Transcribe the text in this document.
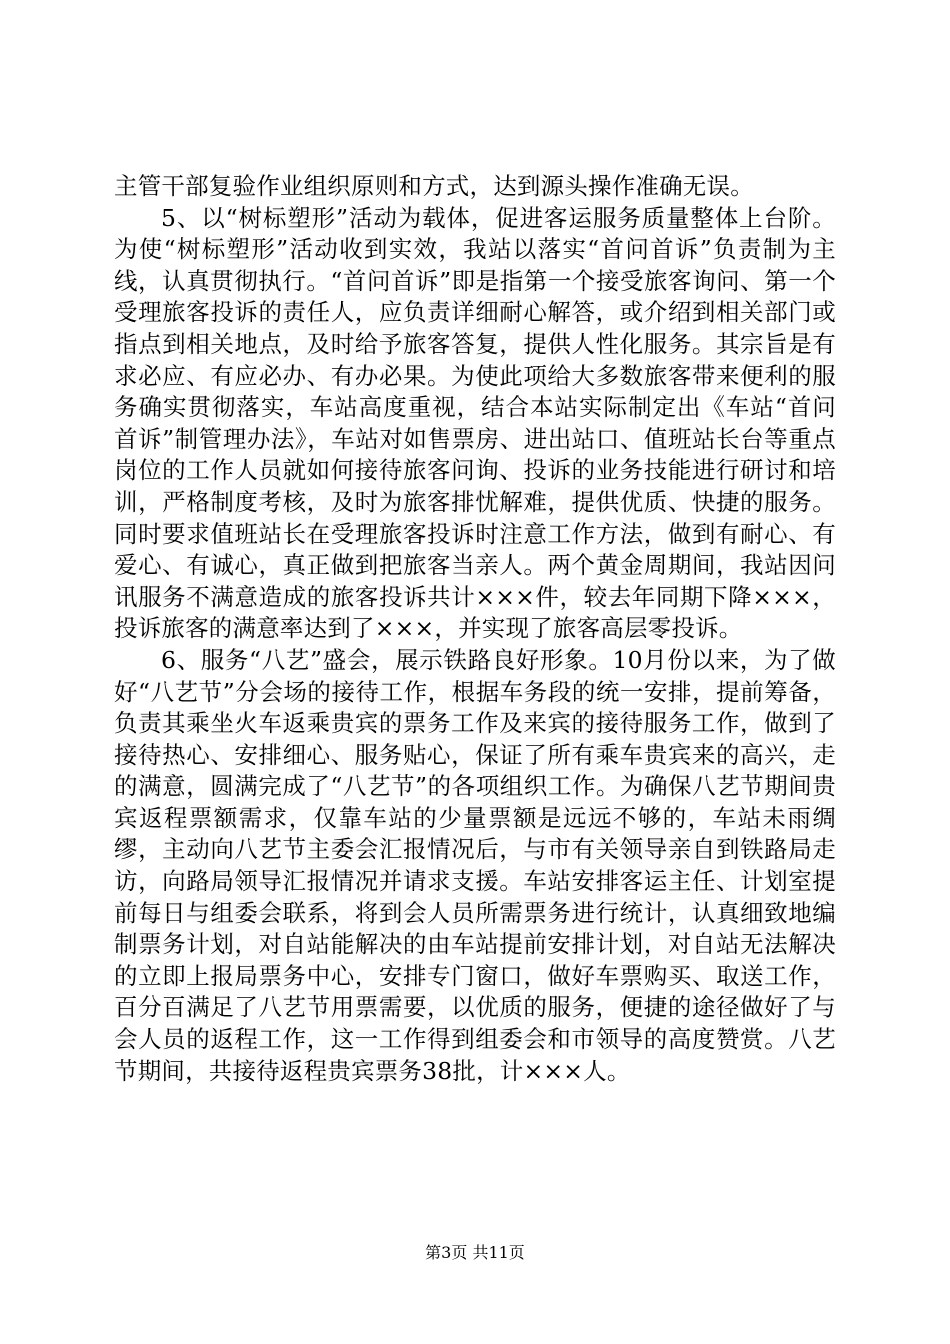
主管干部复验作业组织原则和方式，达到源头操作准确无误。

5、以“树标塑形”活动为载体，促进客运服务质量整体上台阶。为使“树标塑形”活动收到实效，我站以落实“首问首诉”负责制为主线，认真贯彻执行。“首问首诉”即是指第一个接受旅客询问、第一个受理旅客投诉的责任人，应负责详细耐心解答，或介绍到相关部门或指点到相关地点，及时给予旅客答复，提供人性化服务。其宗旨是有求必应、有应必办、有办必果。为使此项给大多数旅客带来便利的服务确实贯彻落实，车站高度重视，结合本站实际制定出《车站“首问首诉”制管理办法》，车站对如售票房、进出站口、值班站长台等重点岗位的工作人员就如何接待旅客问询、投诉的业务技能进行研讨和培训，严格制度考核，及时为旅客排忧解难，提供优质、快捷的服务。同时要求值班站长在受理旅客投诉时注意工作方法，做到有耐心、有爱心、有诚心，真正做到把旅客当亲人。两个黄金周期间，我站因问讯服务不满意造成的旅客投诉共计×××件，较去年同期下降×××，投诉旅客的满意率达到了×××，并实现了旅客高层零投诉。

6、服务“八艺”盛会，展示铁路良好形象。10月份以来，为了做好“八艺节”分会场的接待工作，根据车务段的统一安排，提前筹备，负责其乘坐火车返乘贵宾的票务工作及来宾的接待服务工作，做到了接待热心、安排细心、服务贴心，保证了所有乘车贵宾来的高兴，走的满意，圆满完成了“八艺节”的各项组织工作。为确保八艺节期间贵宾返程票额需求，仅靠车站的少量票额是远远不够的，车站未雨绸缪，主动向八艺节主委会汇报情况后，与市有关领导亲自到铁路局走访，向路局领导汇报情况并请求支援。车站安排客运主任、计划室提前每日与组委会联系，将到会人员所需票务进行统计，认真细致地编制票务计划，对自站能解决的由车站提前安排计划，对自站无法解决的立即上报局票务中心，安排专门窗口，做好车票购买、取送工作，百分百满足了八艺节用票需要，以优质的服务，便捷的途径做好了与会人员的返程工作，这一工作得到组委会和市领导的高度赞赏。八艺节期间，共接待返程贵宾票务38批，计×××人。

第3页 共11页
